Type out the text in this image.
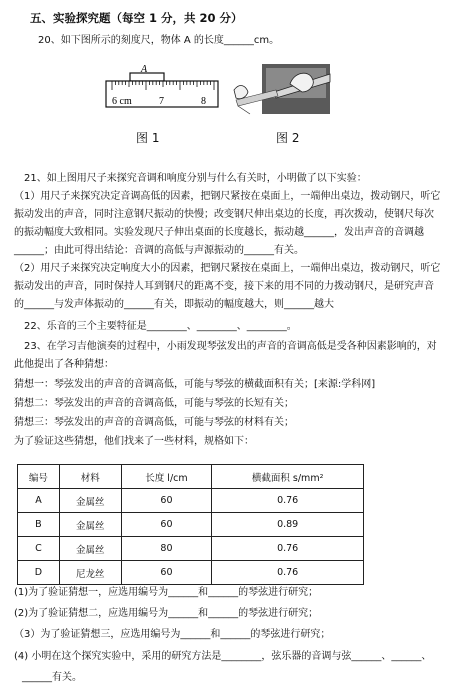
五、实验探究题（每空 1 分，共 20 分）
20、如下图所示的刻度尺，物体 A 的长度______cm。
A
6 cm	7	8
图 1	图 2
21、如上图用尺子来探究音调和响度分别与什么有关时，小明做了以下实验：
（1）用尺子来探究决定音调高低的因素，把钢尺紧按在桌面上，一端伸出桌边，拨动钢尺，听它
振动发出的声音，同时注意钢尺振动的快慢；改变钢尺伸出桌边的长度，再次拨动，使钢尺每次
的振动幅度大致相同。实验发现尺子伸出桌面的长度越长，振动越______，发出声音的音调越
______；由此可得出结论：音调的高低与声源振动的______有关。
（2）用尺子来探究决定响度大小的因素，把钢尺紧按在桌面上，一端伸出桌边，拨动钢尺，听它
振动发出的声音，同时保持人耳到钢尺的距离不变，接下来的用不同的力拨动钢尺，是研究声音
的______与发声体振动的______有关，即振动的幅度越大，则______越大
22、乐音的三个主要特征是________、________、________。
23、在学习吉他演奏的过程中，小雨发现琴弦发出的声音的音调高低是受各种因素影响的，对
此他提出了各种猜想：
猜想一：琴弦发出的声音的音调高低，可能与琴弦的横截面积有关；[来源:学科网]
猜想二：琴弦发出的声音的音调高低，可能与琴弦的长短有关；
猜想三：琴弦发出的声音的音调高低，可能与琴弦的材料有关；
为了验证这些猜想，他们找来了一些材料，规格如下：
编号	材料	长度 l/cm	横截面积 s/mm²
A	金属丝	60	0.76
B	金属丝	60	0.89
C	金属丝	80	0.76
D	尼龙丝	60	0.76
(1)为了验证猜想一，应选用编号为______和______的琴弦进行研究；
(2)为了验证猜想二，应选用编号为______和______的琴弦进行研究；
（3）为了验证猜想三，应选用编号为______和______的琴弦进行研究；
(4) 小明在这个探究实验中，采用的研究方法是________，弦乐器的音调与弦______、______、
______有关。
